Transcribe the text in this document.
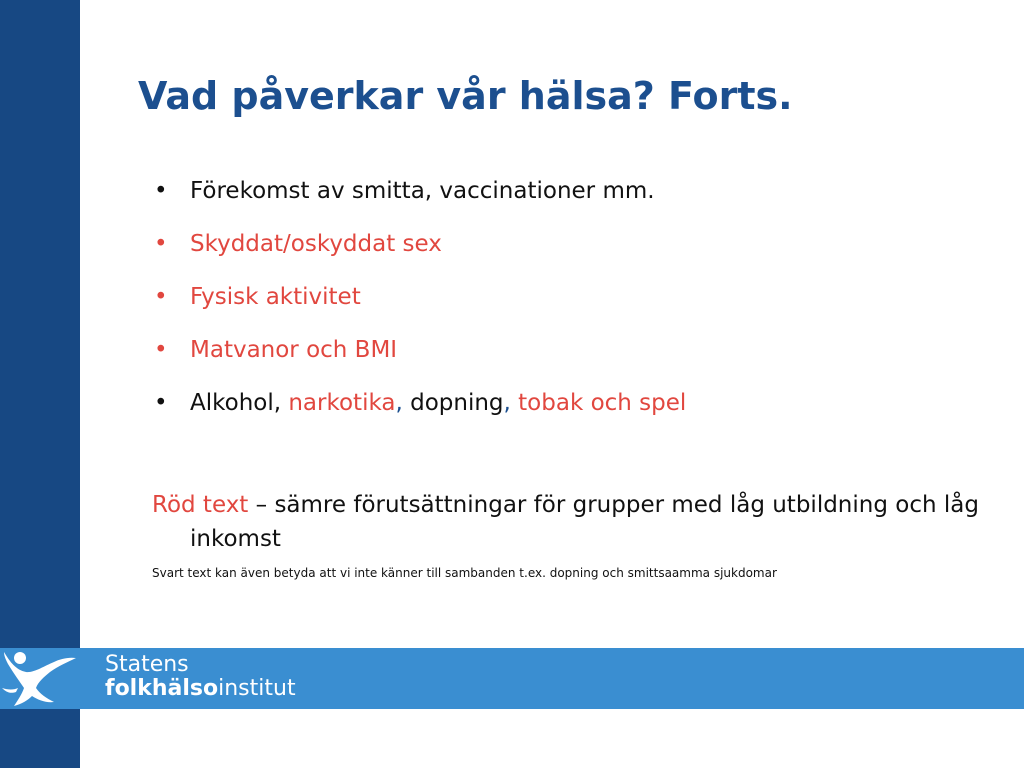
Vad påverkar vår hälsa? Forts.
• Förekomst av smitta, vaccinationer mm.
• Skyddat/oskyddat sex
• Fysisk aktivitet
• Matvanor och BMI
• Alkohol, narkotika, dopning, tobak och spel

Röd text – sämre förutsättningar för grupper med låg utbildning och låg inkomst

Svart text kan även betyda att vi inte känner till sambanden t.ex. dopning och smittsaamma sjukdomar

Statens
folkhälsoinstitut
